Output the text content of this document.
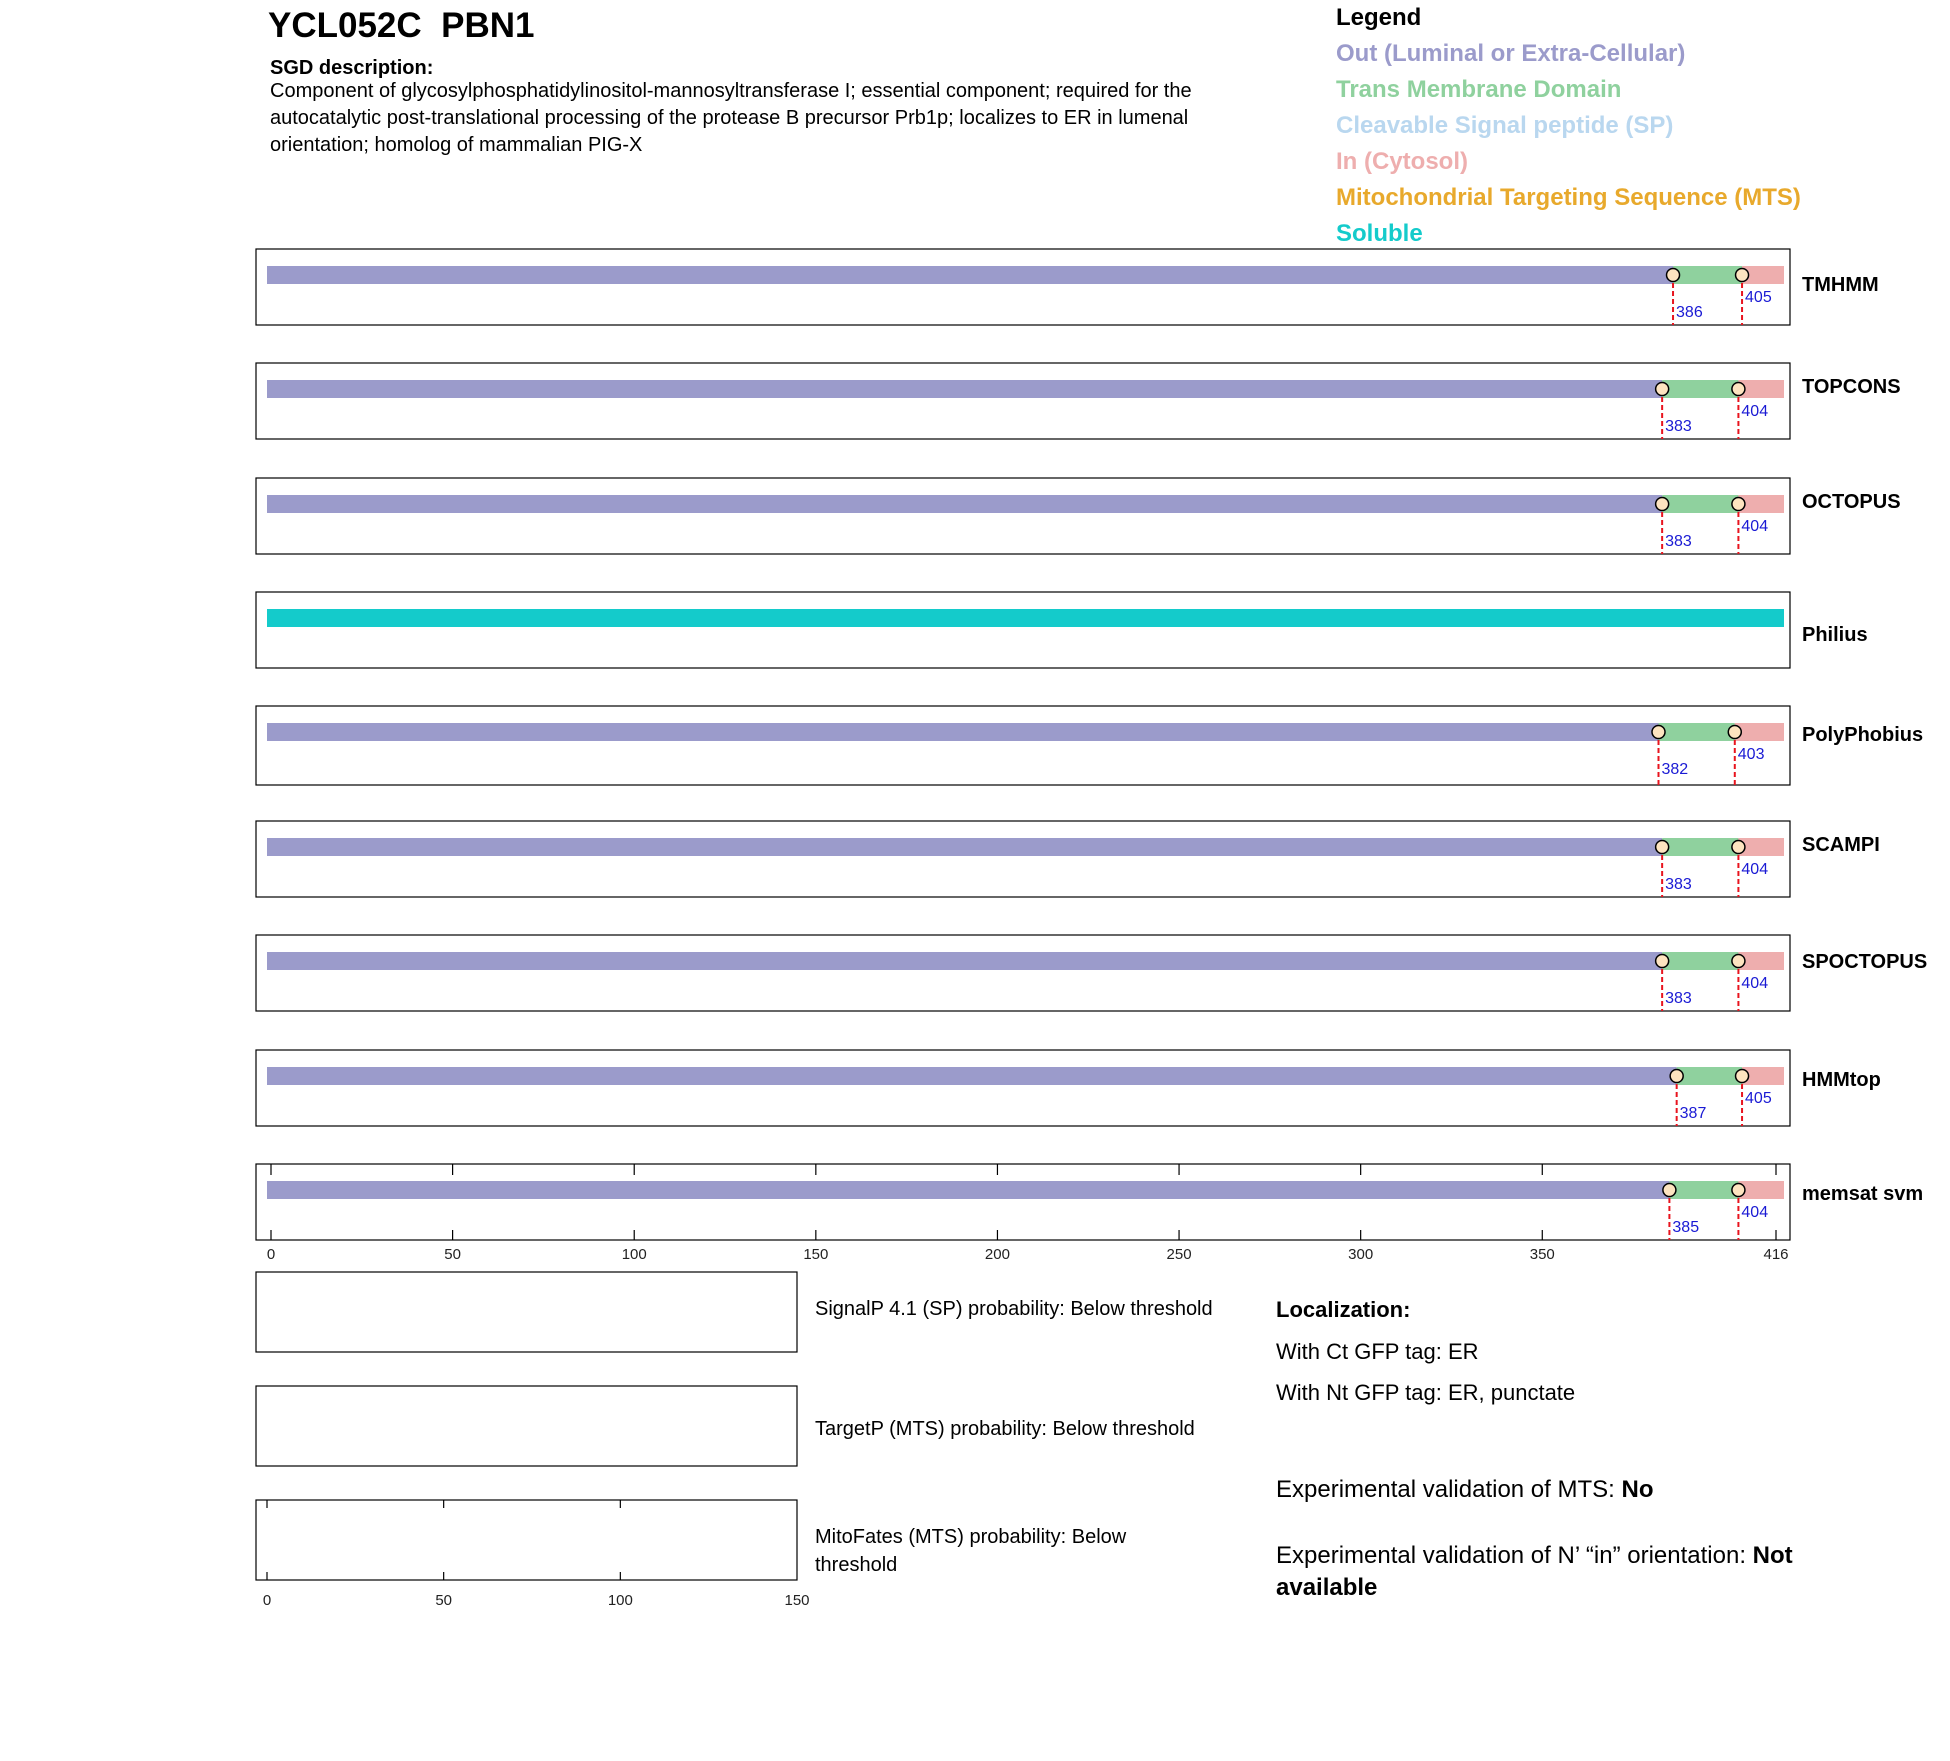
YCL052C PBN1
SGD description:
Component of glycosylphosphatidylinositol-mannosyltransferase I; essential component; required for the autocatalytic post-translational processing of the protease B precursor Prb1p; localizes to ER in lumenal orientation; homolog of mammalian PIG-X
Legend
Out (Luminal or Extra-Cellular)
Trans Membrane Domain
Cleavable Signal peptide (SP)
In (Cytosol)
Mitochondrial Targeting Sequence (MTS)
Soluble
386
405
TMHMM
383
404
TOPCONS
383
404
OCTOPUS
Philius
382
403
PolyPhobius
383
404
SCAMPI
383
404
SPOCTOPUS
387
405
HMMtop
385
404
memsat svm
0	50	100	150	200	250	300	350	416
0	50	100	150
SignalP 4.1 (SP) probability: Below threshold
TargetP (MTS) probability: Below threshold
MitoFates (MTS) probability: Below threshold
Localization:
With Ct GFP tag: ER
With Nt GFP tag: ER, punctate
Experimental validation of MTS: No
Experimental validation of N’ “in” orientation: Not available
